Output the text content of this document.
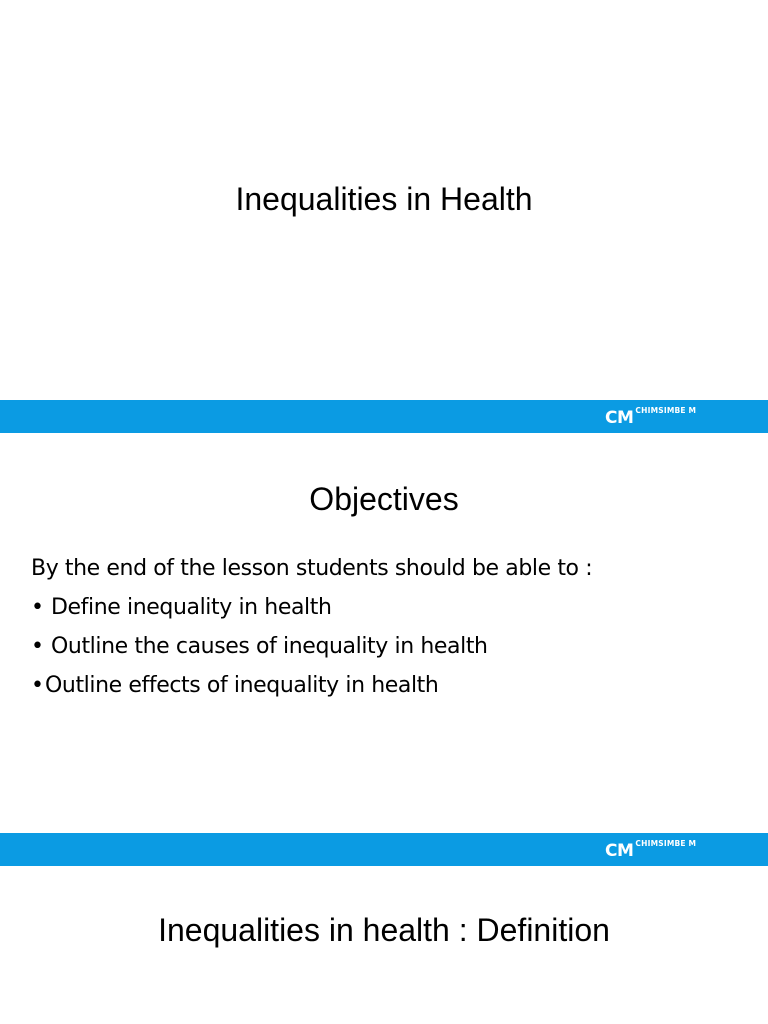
Inequalities in Health
CM CHIMSIMBE M
Objectives
By the end of the lesson students should be able to :
• Define inequality in health
• Outline the causes of inequality in health
• Outline effects of inequality in health
CM CHIMSIMBE M
Inequalities in health : Definition
